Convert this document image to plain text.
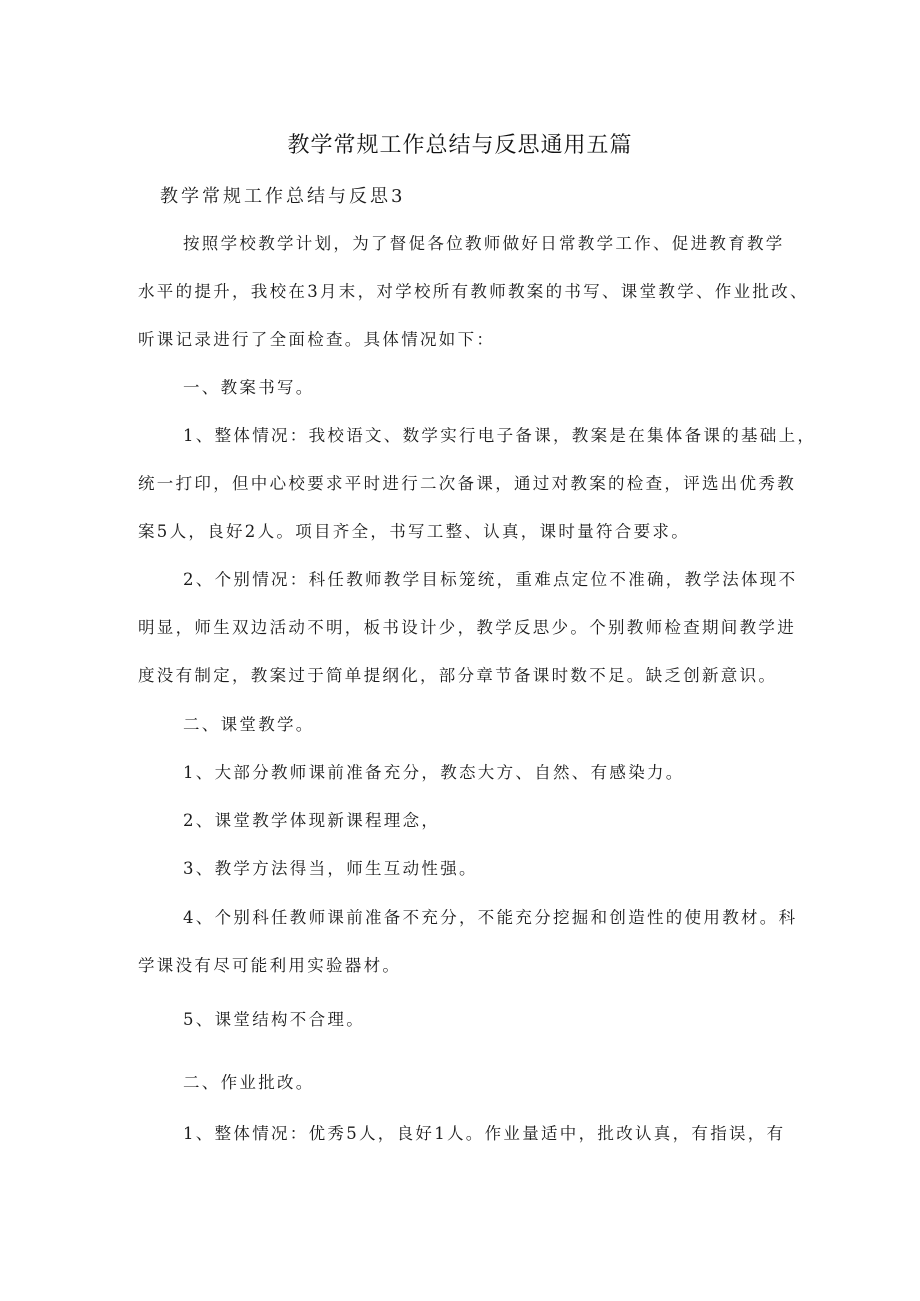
教学常规工作总结与反思通用五篇
教学常规工作总结与反思3
按照学校教学计划，为了督促各位教师做好日常教学工作、促进教育教学
水平的提升，我校在3月末，对学校所有教师教案的书写、课堂教学、作业批改、
听课记录进行了全面检查。具体情况如下：
一、教案书写。
1、整体情况：我校语文、数学实行电子备课，教案是在集体备课的基础上，
统一打印，但中心校要求平时进行二次备课，通过对教案的检查，评选出优秀教
案5人，良好2人。项目齐全，书写工整、认真，课时量符合要求。
2、个别情况：科任教师教学目标笼统，重难点定位不准确，教学法体现不
明显，师生双边活动不明，板书设计少，教学反思少。个别教师检查期间教学进
度没有制定，教案过于简单提纲化，部分章节备课时数不足。缺乏创新意识。
二、课堂教学。
1、大部分教师课前准备充分，教态大方、自然、有感染力。
2、课堂教学体现新课程理念，
3、教学方法得当，师生互动性强。
4、个别科任教师课前准备不充分，不能充分挖掘和创造性的使用教材。科
学课没有尽可能利用实验器材。
5、课堂结构不合理。
二、作业批改。
1、整体情况：优秀5人，良好1人。作业量适中，批改认真，有指误，有
